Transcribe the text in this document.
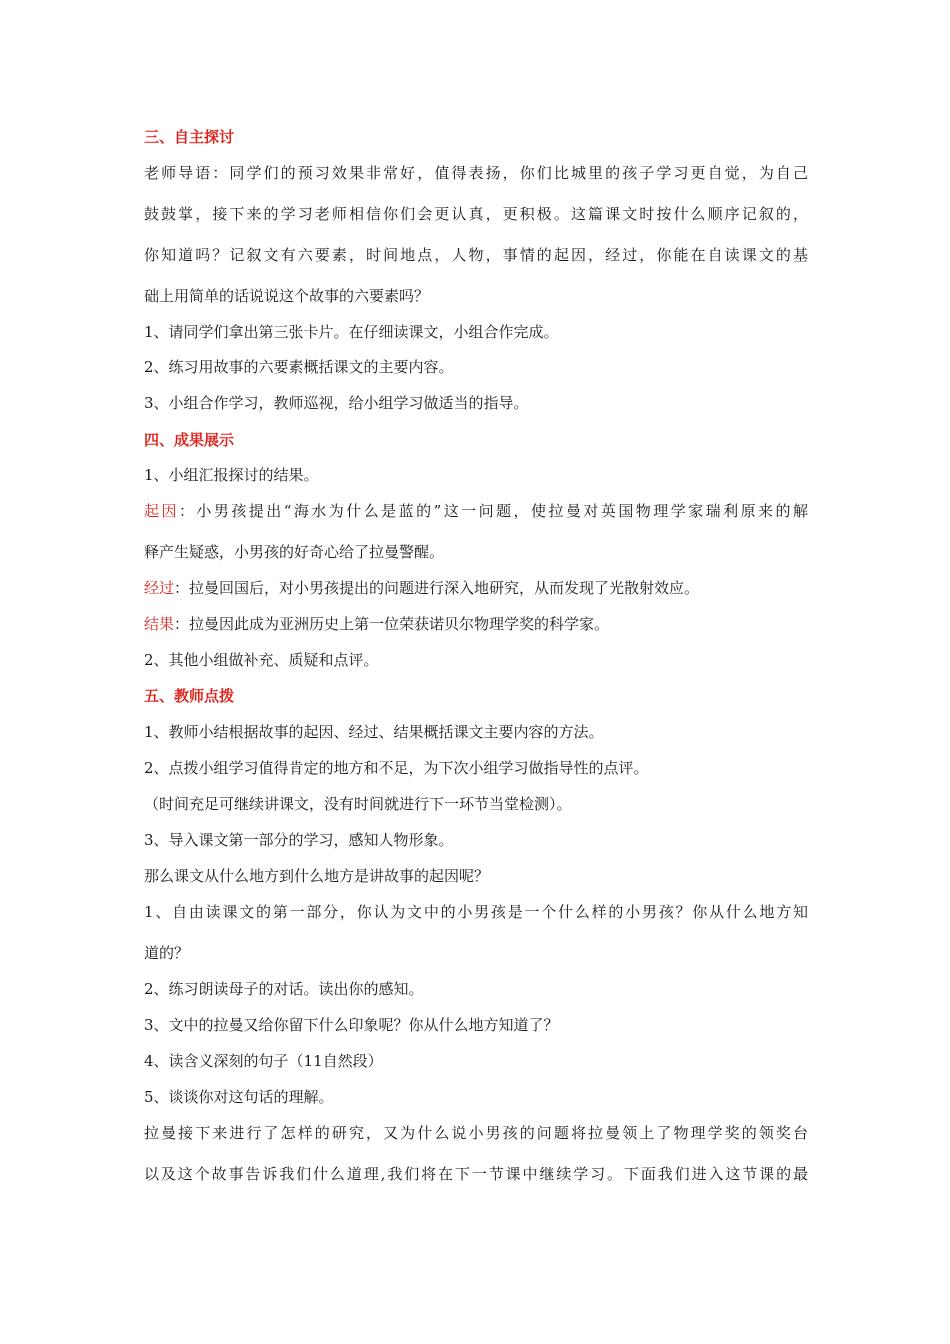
三、自主探讨
老师导语：同学们的预习效果非常好，值得表扬，你们比城里的孩子学习更自觉，为自己
鼓鼓掌，接下来的学习老师相信你们会更认真，更积极。这篇课文时按什么顺序记叙的，
你知道吗？记叙文有六要素，时间地点，人物，事情的起因，经过，你能在自读课文的基
础上用简单的话说说这个故事的六要素吗？
1、请同学们拿出第三张卡片。在仔细读课文，小组合作完成。
2、练习用故事的六要素概括课文的主要内容。
3、小组合作学习，教师巡视，给小组学习做适当的指导。
四、成果展示
1、小组汇报探讨的结果。
起因：小男孩提出“海水为什么是蓝的”这一问题，使拉曼对英国物理学家瑞利原来的解
释产生疑惑，小男孩的好奇心给了拉曼警醒。
经过：拉曼回国后，对小男孩提出的问题进行深入地研究，从而发现了光散射效应。
结果：拉曼因此成为亚洲历史上第一位荣获诺贝尔物理学奖的科学家。
2、其他小组做补充、质疑和点评。
五、教师点拨
1、教师小结根据故事的起因、经过、结果概括课文主要内容的方法。
2、点拨小组学习值得肯定的地方和不足，为下次小组学习做指导性的点评。
（时间充足可继续讲课文，没有时间就进行下一环节当堂检测）。
3、导入课文第一部分的学习，感知人物形象。
那么课文从什么地方到什么地方是讲故事的起因呢？
1、自由读课文的第一部分，你认为文中的小男孩是一个什么样的小男孩？你从什么地方知
道的？
2、练习朗读母子的对话。读出你的感知。
3、文中的拉曼又给你留下什么印象呢？你从什么地方知道了？
4、读含义深刻的句子（11自然段）
5、谈谈你对这句话的理解。
拉曼接下来进行了怎样的研究，又为什么说小男孩的问题将拉曼领上了物理学奖的领奖台
以及这个故事告诉我们什么道理,我们将在下一节课中继续学习。下面我们进入这节课的最
